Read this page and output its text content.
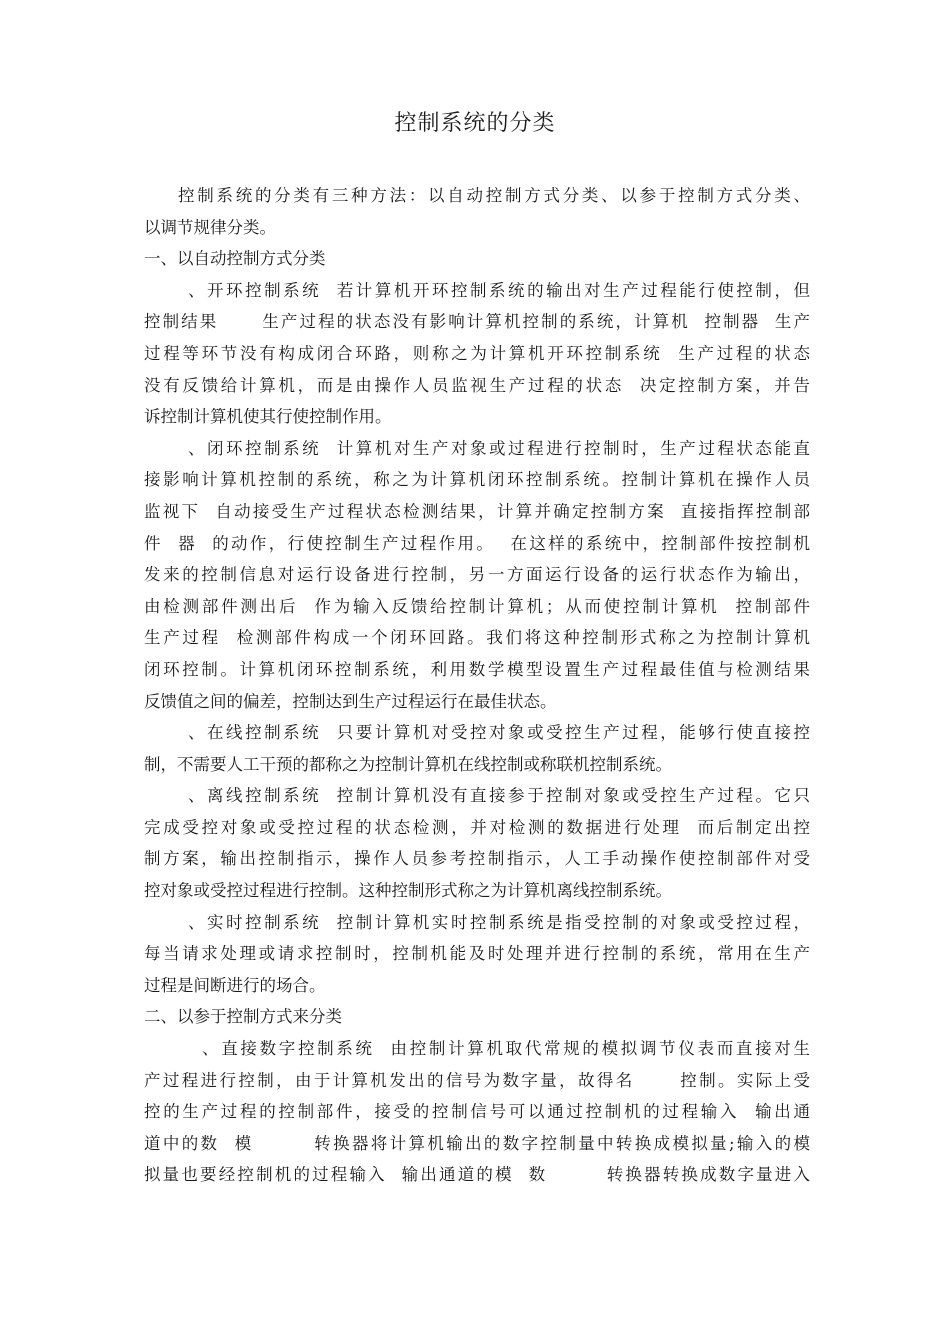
控制系统的分类
控制系统的分类有三种方法：以自动控制方式分类、以参于控制方式分类、
以调节规律分类。
一、以自动控制方式分类
、开环控制系统  若计算机开环控制系统的输出对生产过程能行使控制，但
控制结果      生产过程的状态没有影响计算机控制的系统，计算机  控制器  生产
过程等环节没有构成闭合环路，则称之为计算机开环控制系统  生产过程的状态
没有反馈给计算机，而是由操作人员监视生产过程的状态  决定控制方案，并告
诉控制计算机使其行使控制作用。
、闭环控制系统  计算机对生产对象或过程进行控制时，生产过程状态能直
接影响计算机控制的系统，称之为计算机闭环控制系统。控制计算机在操作人员
监视下  自动接受生产过程状态检测结果，计算并确定控制方案  直接指挥控制部
件  器  的动作，行使控制生产过程作用。  在这样的系统中，控制部件按控制机
发来的控制信息对运行设备进行控制，另一方面运行设备的运行状态作为输出，
由检测部件测出后  作为输入反馈给控制计算机；从而使控制计算机  控制部件
生产过程  检测部件构成一个闭环回路。我们将这种控制形式称之为控制计算机
闭环控制。计算机闭环控制系统，利用数学模型设置生产过程最佳值与检测结果
反馈值之间的偏差，控制达到生产过程运行在最佳状态。
、在线控制系统  只要计算机对受控对象或受控生产过程，能够行使直接控
制，不需要人工干预的都称之为控制计算机在线控制或称联机控制系统。
、离线控制系统  控制计算机没有直接参于控制对象或受控生产过程。它只
完成受控对象或受控过程的状态检测，并对检测的数据进行处理  而后制定出控
制方案，输出控制指示，操作人员参考控制指示，人工手动操作使控制部件对受
控对象或受控过程进行控制。这种控制形式称之为计算机离线控制系统。
、实时控制系统  控制计算机实时控制系统是指受控制的对象或受控过程，
每当请求处理或请求控制时，控制机能及时处理并进行控制的系统，常用在生产
过程是间断进行的场合。
二、以参于控制方式来分类
、直接数字控制系统  由控制计算机取代常规的模拟调节仪表而直接对生
产过程进行控制，由于计算机发出的信号为数字量，故得名      控制。实际上受
控的生产过程的控制部件，接受的控制信号可以通过控制机的过程输入  输出通
道中的数  模        转换器将计算机输出的数字控制量中转换成模拟量;输入的模
拟量也要经控制机的过程输入  输出通道的模  数        转换器转换成数字量进入
